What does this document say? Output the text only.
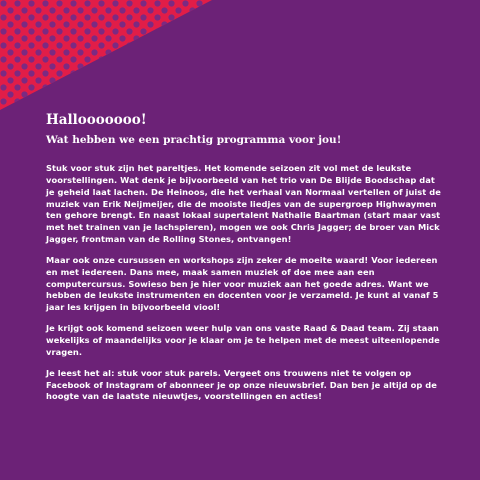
Hallooooooo!
Wat hebben we een prachtig programma voor jou!

Stuk voor stuk zijn het pareltjes. Het komende seizoen zit vol met de leukste voorstellingen. Wat denk je bijvoorbeeld van het trio van De Blijde Boodschap dat je geheid laat lachen. De Heinoos, die het verhaal van Normaal vertellen of juist de muziek van Erik Neijmeijer, die de mooiste liedjes van de supergroep Highwaymen ten gehore brengt. En naast lokaal supertalent Nathalie Baartman (start maar vast met het trainen van je lachspieren), mogen we ook Chris Jagger; de broer van Mick Jagger, frontman van de Rolling Stones, ontvangen!

Maar ook onze cursussen en workshops zijn zeker de moeite waard! Voor iedereen en met iedereen. Dans mee, maak samen muziek of doe mee aan een computercursus. Sowieso ben je hier voor muziek aan het goede adres. Want we hebben de leukste instrumenten en docenten voor je verzameld. Je kunt al vanaf 5 jaar les krijgen in bijvoorbeeld viool!

Je krijgt ook komend seizoen weer hulp van ons vaste Raad & Daad team. Zij staan wekelijks of maandelijks voor je klaar om je te helpen met de meest uiteenlopende vragen.

Je leest het al: stuk voor stuk parels. Vergeet ons trouwens niet te volgen op Facebook of Instagram of abonneer je op onze nieuwsbrief. Dan ben je altijd op de hoogte van de laatste nieuwtjes, voorstellingen en acties!
